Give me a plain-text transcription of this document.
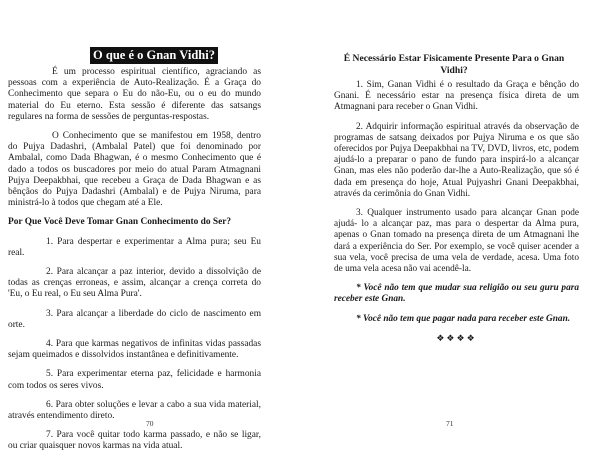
O que é o Gnan Vidhi?

É um processo espiritual científico, agraciando as pessoas com a experiência de Auto-Realização. É a Graça do Conhecimento que separa o Eu do não-Eu, ou o eu do mundo material do Eu eterno. Esta sessão é diferente das satsangs regulares na forma de sessões de perguntas-respostas.

O Conhecimento que se manifestou em 1958, dentro do Pujya Dadashri, (Ambalal Patel) que foi denominado por Ambalal, como Dada Bhagwan, é o mesmo Conhecimento que é dado a todos os buscadores por meio do atual Param Atmagnani Pujya Deepakbhai, que recebeu a Graça de Dada Bhagwan e as bênçãos do Pujya Dadashri (Ambalal) e de Pujya Niruma, para ministrá-lo à todos que chegam até a Ele.

Por Que Você Deve Tomar Gnan Conhecimento do Ser?

1. Para despertar e experimentar a Alma pura; seu Eu real.

2. Para alcançar a paz interior, devido a dissolvição de todas as crenças erroneas, e assim, alcançar a crença correta do 'Eu, o Eu real, o Eu seu Alma Pura'.

3. Para alcançar a liberdade do ciclo de nascimento em orte.

4. Para que karmas negativos de infinitas vidas passadas sejam queimados e dissolvidos instantânea e definitivamente.

5. Para experimentar eterna paz, felicidade e harmonia com todos os seres vivos.

6. Para obter soluções e levar a cabo a sua vida material, através entendimento direto.

7. Para você quitar todo karma passado, e não se ligar, ou criar quaisquer novos karmas na vida atual.

70
É Necessário Estar Fisicamente Presente Para o Gnan Vidhi?

1. Sim, Ganan Vidhi é o resultado da Graça e bênção do Gnani. É necessário estar na presença física direta de um Atmagnani para receber o Gnan Vidhi.

2. Adquirir informação espiritual através da observação de programas de satsang deixados por Pujya Niruma e os que são oferecidos por Pujya Deepakbhai na TV, DVD, livros, etc, podem ajudá-lo a preparar o pano de fundo para inspirá-lo a alcançar Gnan, mas eles não poderão dar-lhe a Auto-Realização, que só é dada em presença do hoje, Atual Pujyashri Gnani Deepakbhai, através da cerimônia do Gnan Vidhi.

3. Qualquer instrumento usado para alcançar Gnan pode ajudá- lo a alcançar paz, mas para o despertar da Alma pura, apenas o Gnan tomado na presença direta de um Atmagnani lhe dará a experiência do Ser. Por exemplo, se você quiser acender a sua vela, você precisa de uma vela de verdade, acesa. Uma foto de uma vela acesa não vai acendê-la.

* Você não tem que mudar sua religião ou seu guru para receber este Gnan.

* Você não tem que pagar nada para receber este Gnan.

❖❖❖❖
71
